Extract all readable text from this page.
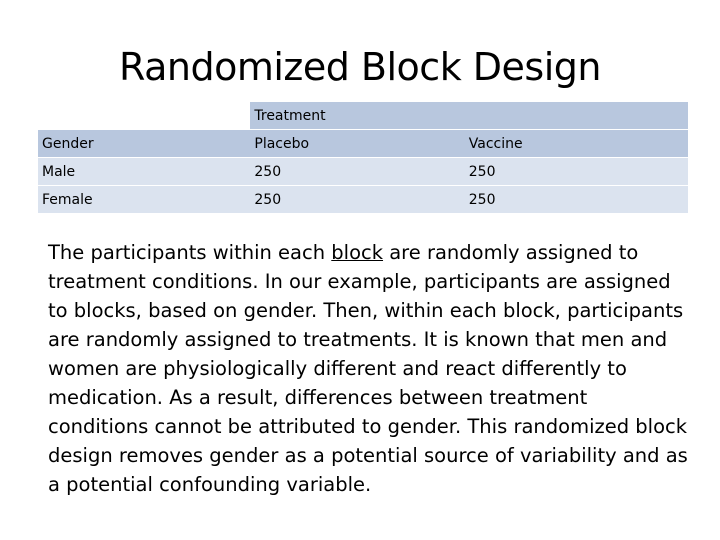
Randomized Block Design
	Treatment	
Gender	Placebo	Vaccine
Male	250	250
Female	250	250
The participants within each block are randomly assigned to treatment conditions. In our example, participants are assigned to blocks, based on gender. Then, within each block, participants are randomly assigned to treatments. It is known that men and women are physiologically different and react differently to medication. As a result, differences between treatment conditions cannot be attributed to gender. This randomized block design removes gender as a potential source of variability and as a potential confounding variable.
